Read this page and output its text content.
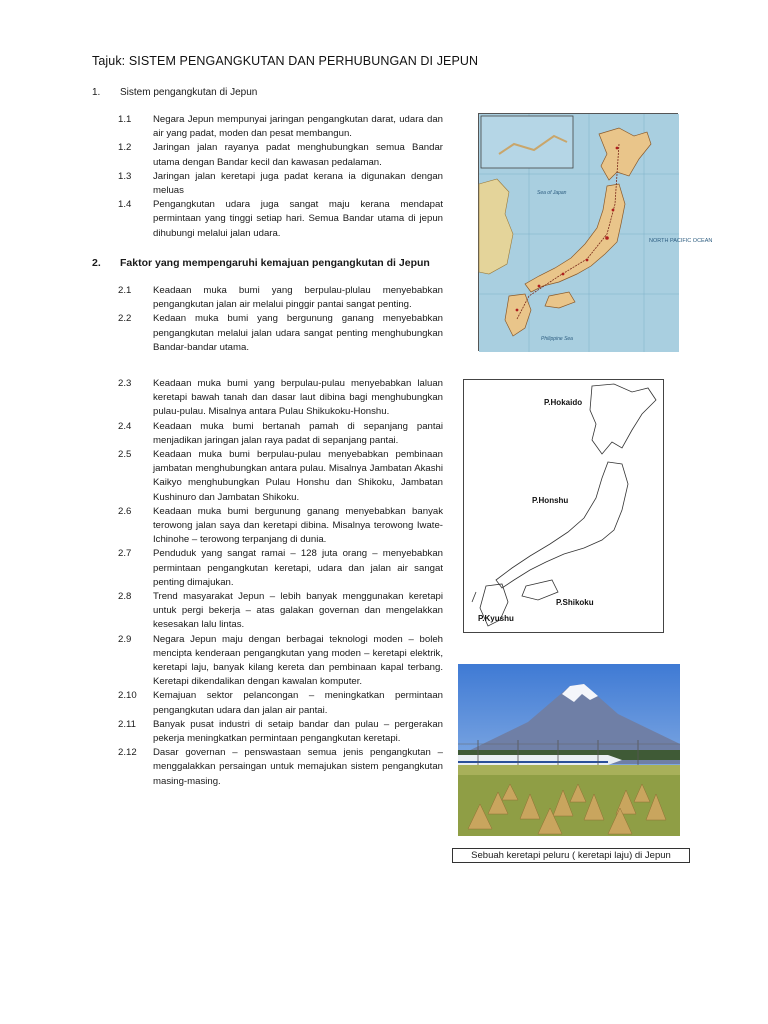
Tajuk: SISTEM PENGANGKUTAN DAN PERHUBUNGAN DI JEPUN
1. Sistem pengangkutan di Jepun
1.1	Negara Jepun mempunyai jaringan pengangkutan darat, udara dan air yang padat, moden dan pesat membangun.
1.2	Jaringan jalan rayanya padat menghubungkan semua Bandar utama dengan Bandar kecil dan kawasan pedalaman.
1.3	Jaringan jalan keretapi juga padat kerana ia digunakan dengan meluas
1.4	Pengangkutan udara juga sangat maju kerana mendapat permintaan yang tinggi setiap hari. Semua Bandar utama di jepun dihubungi melalui jalan udara.
2. Faktor yang mempengaruhi kemajuan pengangkutan di Jepun
2.1	Keadaan muka bumi yang berpulau-plulau menyebabkan pengangkutan jalan air melalui pinggir pantai sangat penting.
2.2	Kedaan muka bumi yang bergunung ganang menyebabkan pengangkutan melalui jalan udara sangat penting menghubungkan Bandar-bandar utama.
2.3	Keadaan muka bumi yang berpulau-pulau menyebabkan laluan keretapi bawah tanah dan dasar laut dibina bagi menghubungkan pulau-pulau. Misalnya antara Pulau Shikukoku-Honshu.
2.4	Keadaan muka bumi bertanah pamah di sepanjang pantai menjadikan jaringan jalan raya padat di sepanjang pantai.
2.5	Keadaan muka bumi berpulau-pulau menyebabkan pembinaan jambatan menghubungkan antara pulau. Misalnya Jambatan Akashi Kaikyo menghubungkan Pulau Honshu dan Shikoku, Jambatan Kushinuro dan Jambatan Shikoku.
2.6	Keadaan muka bumi bergunung ganang menyebabkan banyak terowong jalan saya dan keretapi dibina. Misalnya terowong Iwate-Ichinohe – terowong terpanjang di dunia.
2.7	Penduduk yang sangat ramai – 128 juta orang – menyebabkan permintaan pengangkutan keretapi, udara dan jalan air sangat penting dimajukan.
2.8	Trend masyarakat Jepun – lebih banyak menggunakan keretapi untuk pergi bekerja – atas galakan governan dan mengelakkan kesesakan lalu lintas.
2.9	Negara Jepun maju dengan berbagai teknologi moden – boleh mencipta kenderaan pengangkutan yang moden – keretapi elektrik, keretapi laju, banyak kilang kereta dan pembinaan kapal terbang. Keretapi dikendalikan dengan kawalan komputer.
2.10	Kemajuan sektor pelancongan – meningkatkan permintaan pengangkutan udara dan jalan air pantai.
2.11	Banyak pusat industri di setaip bandar dan pulau – pergerakan pekerja meningkatkan permintaan pengangkutan keretapi.
2.12	Dasar governan – penswastaan semua jenis pengangkutan – menggalakkan persaingan untuk memajukan sistem pengangkutan masing-masing.
NORTH PACIFIC OCEAN
Sea of Japan
Philippine Sea
P.Hokaido
P.Honshu
P.Shikoku
P.Kyushu
Sebuah keretapi peluru ( keretapi laju) di Jepun
